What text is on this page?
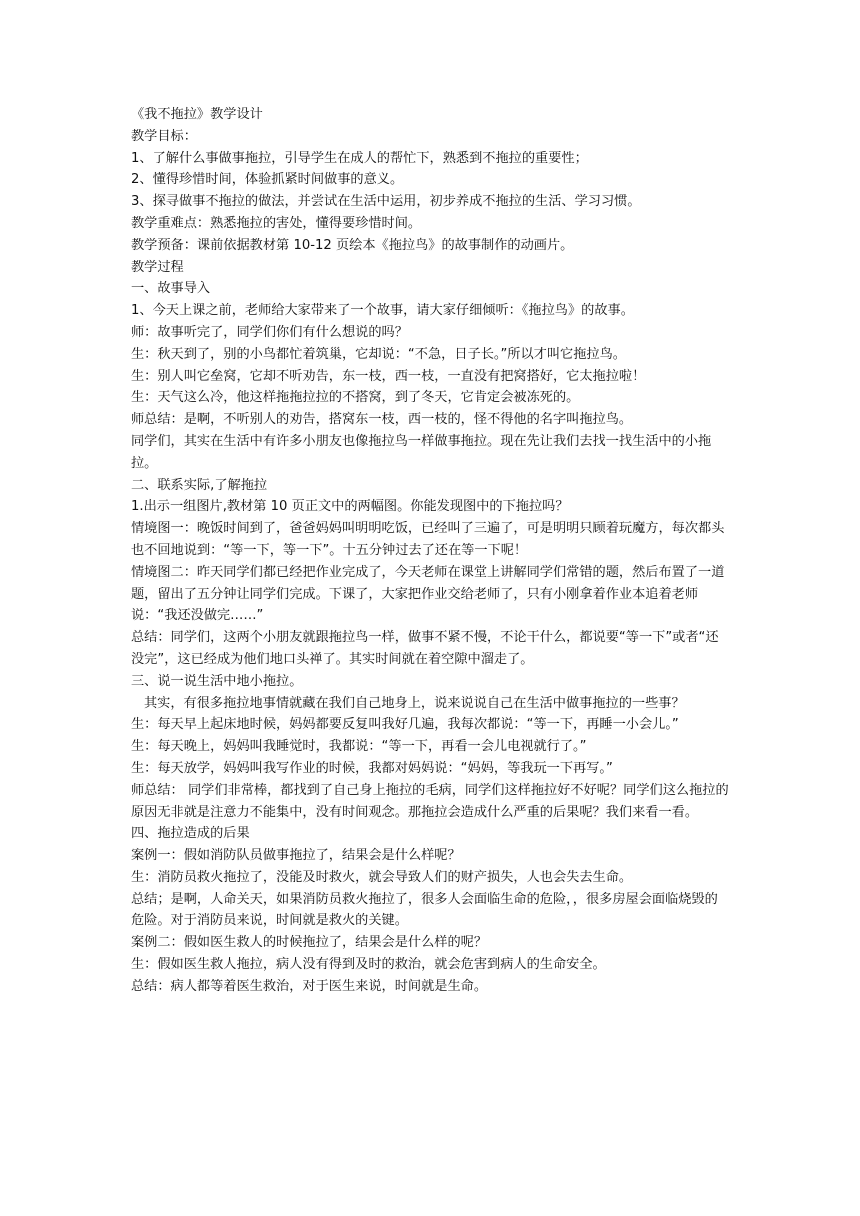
《我不拖拉》教学设计

教学目标：

1、了解什么事做事拖拉，引导学生在成人的帮忙下，熟悉到不拖拉的重要性；

2、懂得珍惜时间，体验抓紧时间做事的意义。

3、探寻做事不拖拉的做法，并尝试在生活中运用，初步养成不拖拉的生活、学习习惯。

教学重难点：熟悉拖拉的害处，懂得要珍惜时间。

教学预备：课前依据教材第 10-12 页绘本《拖拉鸟》的故事制作的动画片。

教学过程

一、故事导入

1、今天上课之前，老师给大家带来了一个故事，请大家仔细倾听：《拖拉鸟》的故事。

师：故事听完了，同学们你们有什么想说的吗？

生：秋天到了，别的小鸟都忙着筑巢，它却说：“不急，日子长。”所以才叫它拖拉鸟。

生：别人叫它垒窝，它却不听劝告，东一枝，西一枝，一直没有把窝搭好，它太拖拉啦！

生：天气这么冷，他这样拖拖拉拉的不搭窝，到了冬天，它肯定会被冻死的。

师总结：是啊，不听别人的劝告，搭窝东一枝，西一枝的，怪不得他的名字叫拖拉鸟。

同学们，其实在生活中有许多小朋友也像拖拉鸟一样做事拖拉。现在先让我们去找一找生活中的小拖拉。

二、联系实际,了解拖拉

1.出示一组图片,教材第 10 页正文中的两幅图。你能发现图中的下拖拉吗？

情境图一：晚饭时间到了，爸爸妈妈叫明明吃饭，已经叫了三遍了，可是明明只顾着玩魔方，每次都头也不回地说到：“等一下，等一下”。十五分钟过去了还在等一下呢！

情境图二：昨天同学们都已经把作业完成了，今天老师在课堂上讲解同学们常错的题，然后布置了一道题，留出了五分钟让同学们完成。下课了，大家把作业交给老师了，只有小刚拿着作业本追着老师说：“我还没做完……”

总结：同学们，这两个小朋友就跟拖拉鸟一样，做事不紧不慢，不论干什么，都说要“等一下”或者“还没完”，这已经成为他们地口头禅了。其实时间就在着空隙中溜走了。

三、说一说生活中地小拖拉。

其实，有很多拖拉地事情就藏在我们自己地身上，说来说说自己在生活中做事拖拉的一些事？

生：每天早上起床地时候，妈妈都要反复叫我好几遍，我每次都说：“等一下，再睡一小会儿。”

生：每天晚上，妈妈叫我睡觉时，我都说：“等一下，再看一会儿电视就行了。”

生：每天放学，妈妈叫我写作业的时候，我都对妈妈说：“妈妈，等我玩一下再写。”

师总结： 同学们非常棒，都找到了自己身上拖拉的毛病，同学们这样拖拉好不好呢？同学们这么拖拉的原因无非就是注意力不能集中，没有时间观念。那拖拉会造成什么严重的后果呢？我们来看一看。

四、拖拉造成的后果

案例一：假如消防队员做事拖拉了，结果会是什么样呢？

生：消防员救火拖拉了，没能及时救火，就会导致人们的财产损失，人也会失去生命。

总结；是啊，人命关天，如果消防员救火拖拉了，很多人会面临生命的危险，，很多房屋会面临烧毁的危险。对于消防员来说，时间就是救火的关键。

案例二：假如医生救人的时候拖拉了，结果会是什么样的呢？

生：假如医生救人拖拉，病人没有得到及时的救治，就会危害到病人的生命安全。

总结：病人都等着医生救治，对于医生来说，时间就是生命。
